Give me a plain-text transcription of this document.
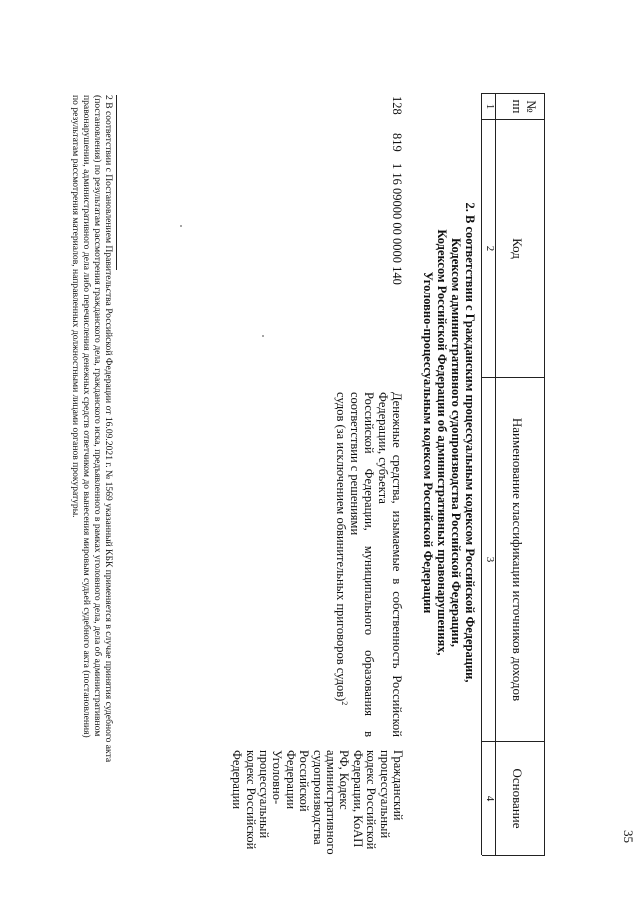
35
№
пп
Код
Наименование классификации источников доходов
Основание
1
2
3
4
2. В соответствии с Гражданским процессуальным кодексом Российской Федерации,
Кодексом административного судопроизводства Российской Федерации,
Кодексом Российской Федерации об административных правонарушениях,
Уголовно-процессуальным кодексом Российской Федерации
128
819
1 16 09000 00 0000 140
Денежные средства, изымаемые в собственность Российской Федерации, субъекта
Российской Федерации, муниципального образования в соответствии с решениями
судов (за исключением обвинительных приговоров судов)$^2$
Гражданский
процессуальный
кодекс Российской
Федерации, КоАП
РФ, Кодекс
административного
судопроизводства
Российской
Федерации
Уголовно-
процессуальный
кодекс Российской
Федерации
2 В соответствии с Постановлением Правительства Российской Федерации от 16.09.2021 г. № 1569 указанный КБК применяется в случае принятия судебного акта
(постановления) по результатам рассмотрения гражданского дела, гражданского иска, предъявленного в рамках уголовного дела, дела об административном
правонарушении, административного дела либо перечисления денежных средств ответчиком до вынесения мировым судьей судебного акта (постановления)
по результатам рассмотрения материалов, направленных должностными лицами органов прокуратуры.
